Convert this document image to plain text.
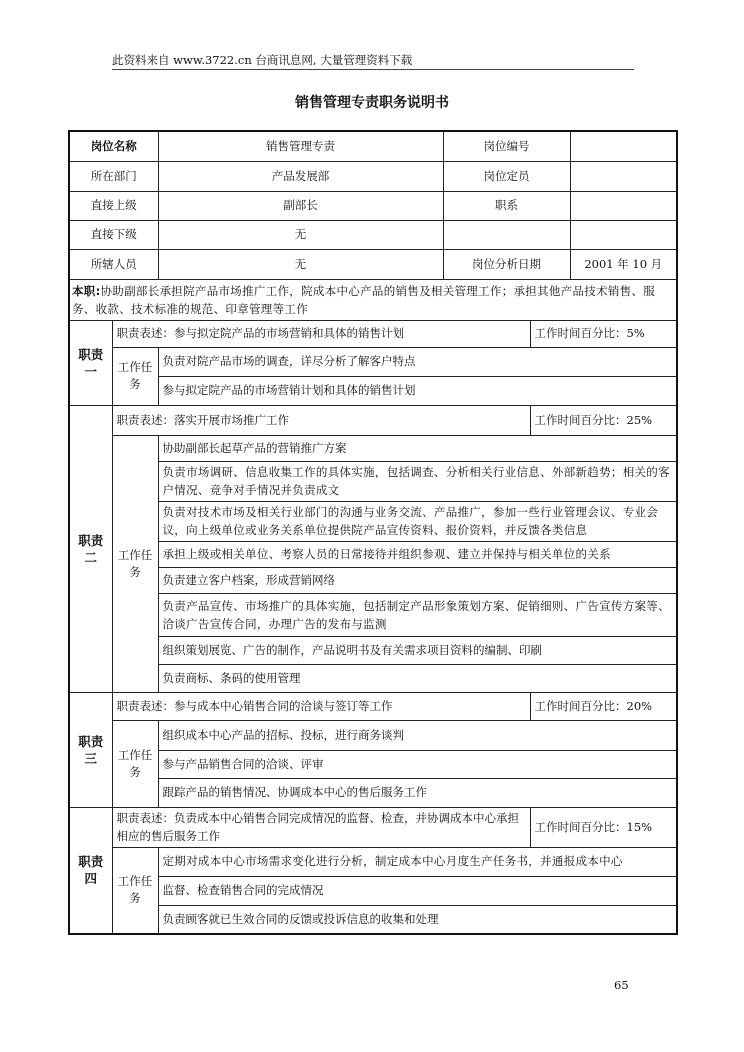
此资料来自 www.3722.cn 台商讯息网, 大量管理资料下载
销售管理专责职务说明书
岗位名称		销售管理专责	岗位编号		
所在部门		产品发展部	岗位定员		
直接上级		副部长	职系		
直接下级		无			
所辖人员		无	岗位分析日期		2001 年 10 月
本职:协助副部长承担院产品市场推广工作，院成本中心产品的销售及相关管理工作；承担其他产品技术销售、服务、收款、技术标准的规范、印章管理等工作					
职责一	职责表述：参与拟定院产品的市场营销和具体的销售计划			工作时间百分比：5%	
	工作任务	负责对院产品市场的调查，详尽分析了解客户特点			
		参与拟定院产品的市场营销计划和具体的销售计划			
职责二	职责表述：落实开展市场推广工作			工作时间百分比：25%	
	工作任务	协助副部长起草产品的营销推广方案			
		负责市场调研、信息收集工作的具体实施，包括调查、分析相关行业信息、外部新趋势；相关的客户情况、竞争对手情况并负责成文			
		负责对技术市场及相关行业部门的沟通与业务交流、产品推广，参加一些行业管理会议、专业会议，向上级单位或业务关系单位提供院产品宣传资料、报价资料，并反馈各类信息			
		承担上级或相关单位、考察人员的日常接待并组织参观、建立并保持与相关单位的关系			
		负责建立客户档案，形成营销网络			
		负责产品宣传、市场推广的具体实施，包括制定产品形象策划方案、促销细则、广告宣传方案等、洽谈广告宣传合同，办理广告的发布与监测			
		组织策划展览、广告的制作，产品说明书及有关需求项目资料的编制、印刷			
		负责商标、条码的使用管理			
职责三	职责表述：参与成本中心销售合同的洽谈与签订等工作			工作时间百分比：20%	
	工作任务	组织成本中心产品的招标、投标，进行商务谈判			
		参与产品销售合同的洽谈、评审			
		跟踪产品的销售情况、协调成本中心的售后服务工作			
职责四	职责表述：负责成本中心销售合同完成情况的监督、检查，并协调成本中心承担相应的售后服务工作			工作时间百分比：15%	
	工作任务	定期对成本中心市场需求变化进行分析，制定成本中心月度生产任务书，并通报成本中心			
		监督、检查销售合同的完成情况			
		负责顾客就已生效合同的反馈或投诉信息的收集和处理			
65
